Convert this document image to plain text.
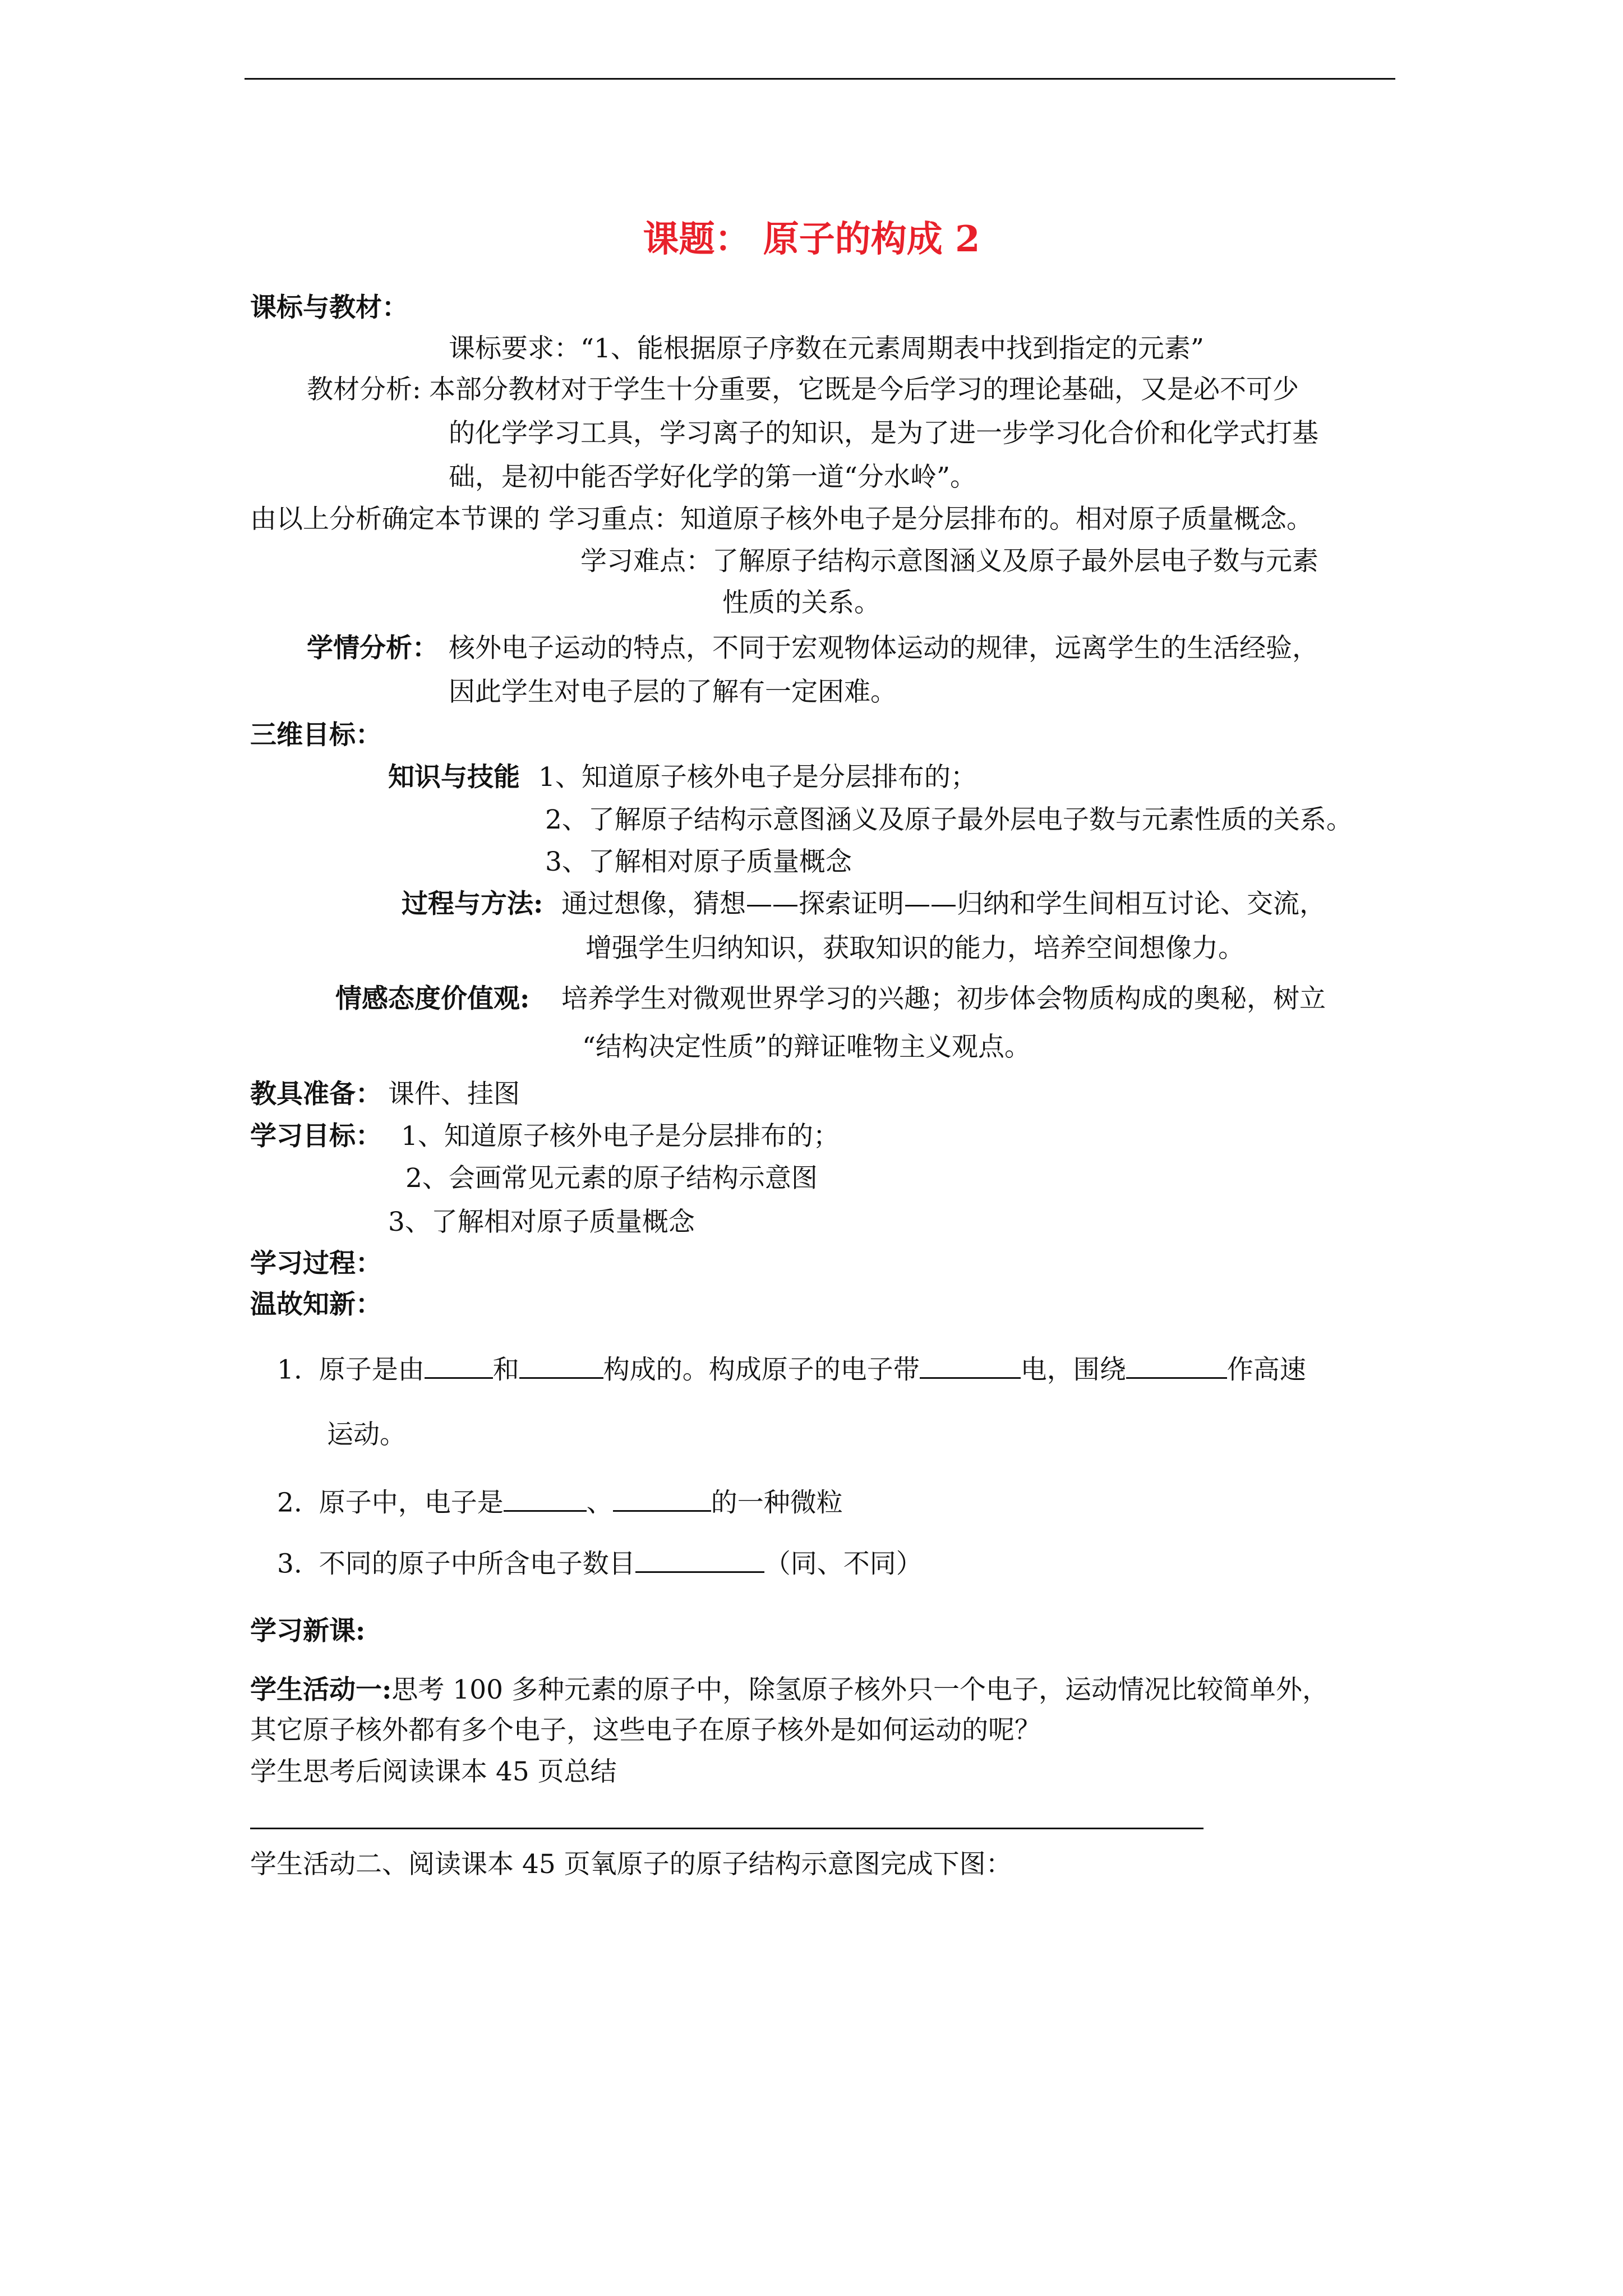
课题： 原子的构成 2
课标与教材：
课标要求：“1、能根据原子序数在元素周期表中找到指定的元素”
教材分析: 本部分教材对于学生十分重要，它既是今后学习的理论基础，又是必不可少
的化学学习工具，学习离子的知识，是为了进一步学习化合价和化学式打基
础，是初中能否学好化学的第一道“分水岭”。
由以上分析确定本节课的 学习重点：知道原子核外电子是分层排布的。相对原子质量概念。
学习难点：了解原子结构示意图涵义及原子最外层电子数与元素
性质的关系。
学情分析： 核外电子运动的特点，不同于宏观物体运动的规律，远离学生的生活经验，
因此学生对电子层的了解有一定困难。
三维目标：
知识与技能 1、知道原子核外电子是分层排布的；
2、了解原子结构示意图涵义及原子最外层电子数与元素性质的关系。
3、了解相对原子质量概念
过程与方法: 通过想像，猜想——探索证明——归纳和学生间相互讨论、交流，
增强学生归纳知识，获取知识的能力，培养空间想像力。
情感态度价值观: 培养学生对微观世界学习的兴趣；初步体会物质构成的奥秘，树立
“结构决定性质”的辩证唯物主义观点。
教具准备： 课件、挂图
学习目标： 1、知道原子核外电子是分层排布的；
2、会画常见元素的原子结构示意图
3、了解相对原子质量概念
学习过程：
温故知新：
1. 原子是由	和	构成的。构成原子的电子带	电，围绕	作高速
运动。
2. 原子中，电子是	、	的一种微粒
3. 不同的原子中所含电子数目	（同、不同）
学习新课:
学生活动一:思考 100 多种元素的原子中，除氢原子核外只一个电子，运动情况比较简单外，
其它原子核外都有多个电子，这些电子在原子核外是如何运动的呢？
学生思考后阅读课本 45 页总结
学生活动二、阅读课本 45 页氧原子的原子结构示意图完成下图：
